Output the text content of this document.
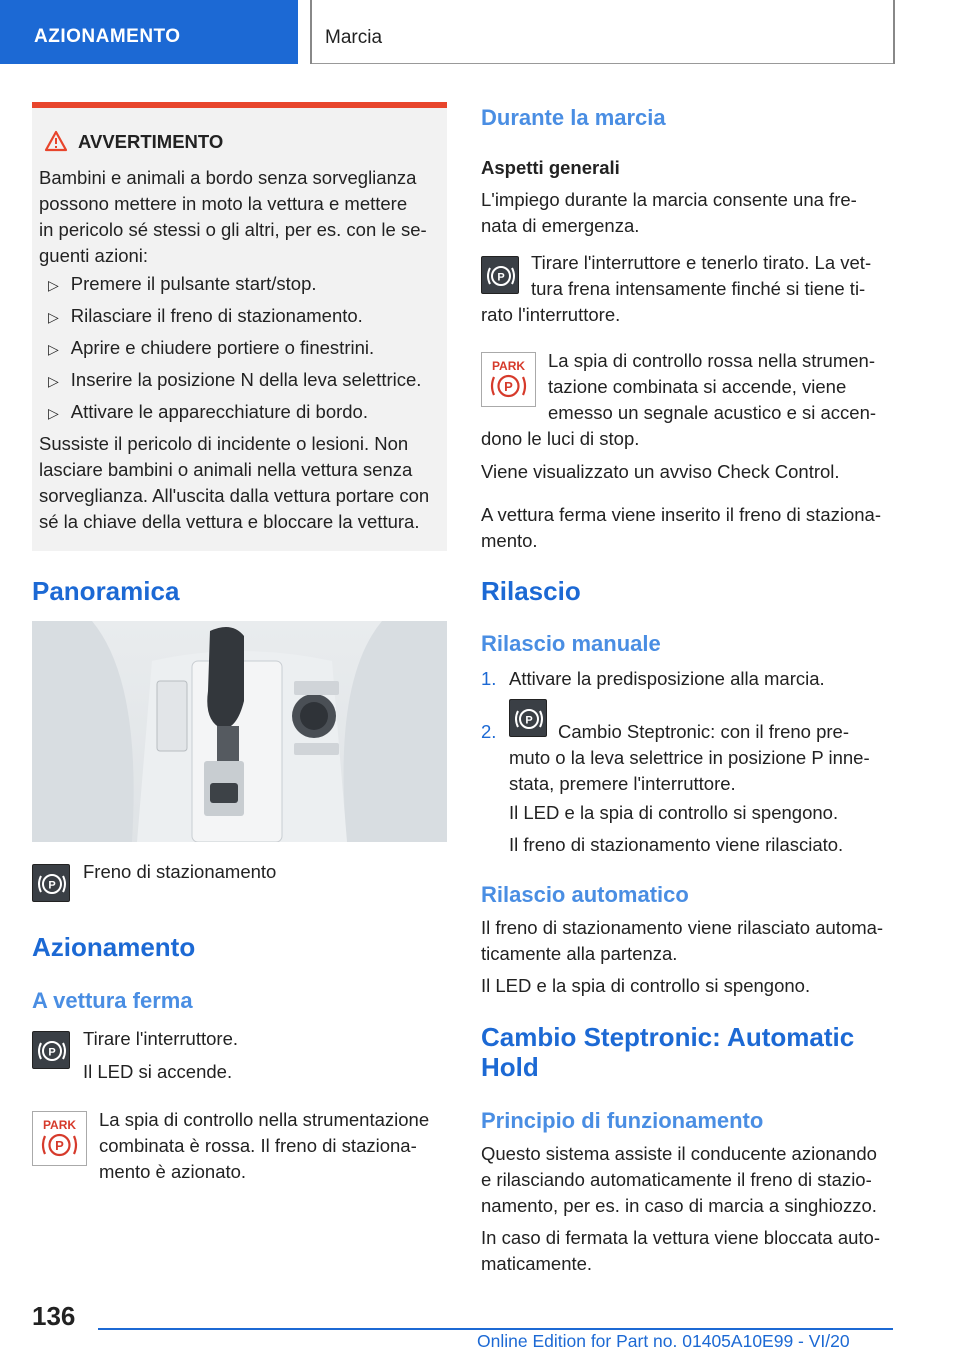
AZIONAMENTO	Marcia
AVVERTIMENTO
Bambini e animali a bordo senza sorveglianza
possono mettere in moto la vettura e mettere
in pericolo sé stessi o gli altri, per es. con le se-
guenti azioni:
▷ Premere il pulsante start/stop.
▷ Rilasciare il freno di stazionamento.
▷ Aprire e chiudere portiere o finestrini.
▷ Inserire la posizione N della leva selettrice.
▷ Attivare le apparecchiature di bordo.
Sussiste il pericolo di incidente o lesioni. Non
lasciare bambini o animali nella vettura senza
sorveglianza. All'uscita dalla vettura portare con
sé la chiave della vettura e bloccare la vettura.
Panoramica
P
Freno di stazionamento
Azionamento
A vettura ferma
P
Tirare l'interruttore.
Il LED si accende.
PARK
P
La spia di controllo nella strumentazione
combinata è rossa. Il freno di staziona-
mento è azionato.
Durante la marcia
Aspetti generali
L'impiego durante la marcia consente una fre-
nata di emergenza.
P
Tirare l'interruttore e tenerlo tirato. La vet-
tura frena intensamente finché si tiene ti-
rato l'interruttore.
PARK
P
La spia di controllo rossa nella strumen-
tazione combinata si accende, viene
emesso un segnale acustico e si accen-
dono le luci di stop.
Viene visualizzato un avviso Check Control.
A vettura ferma viene inserito il freno di staziona-
mento.
Rilascio
Rilascio manuale
1. Attivare la predisposizione alla marcia.
2.
P
Cambio Steptronic: con il freno pre-
muto o la leva selettrice in posizione P inne-
stata, premere l'interruttore.
Il LED e la spia di controllo si spengono.
Il freno di stazionamento viene rilasciato.
Rilascio automatico
Il freno di stazionamento viene rilasciato automa-
ticamente alla partenza.
Il LED e la spia di controllo si spengono.
Cambio Steptronic: Automatic
Hold
Principio di funzionamento
Questo sistema assiste il conducente azionando
e rilasciando automaticamente il freno di stazio-
namento, per es. in caso di marcia a singhiozzo.
In caso di fermata la vettura viene bloccata auto-
maticamente.
136
Online Edition for Part no. 01405A10E99 - VI/20
